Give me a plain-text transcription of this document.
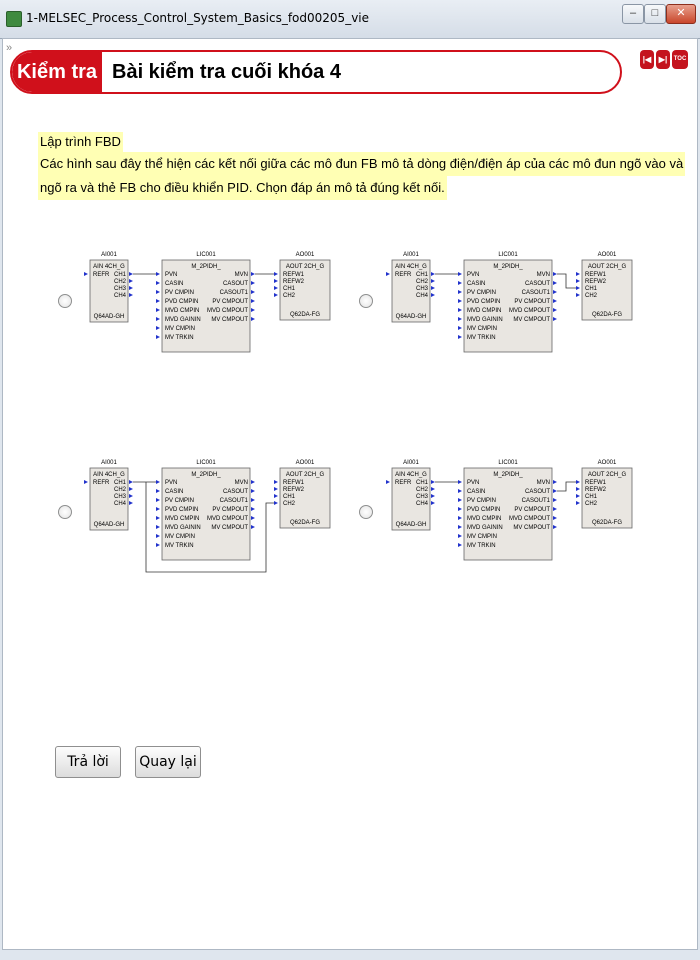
1-MELSEC_Process_Control_System_Basics_fod00205_vie	–	□	✕
»
Kiểm tra Bài kiểm tra cuối khóa 4
|◀ ▶|	TOC
Lập trình FBD
Các hình sau đây thể hiện các kết nối giữa các mô đun FB mô tả dòng điện/điện áp của các mô đun ngõ vào và
ngõ ra và thẻ FB cho điều khiển PID. Chọn đáp án mô tả đúng kết nối.
AI001	LIC001	AO001
AIN 4CH_G
REFR CH1
CH2
CH3
CH4
Q64AD-GH
M_2PIDH_
PVN
CASIN
PV CMPIN
PVD CMPIN
MVD CMPIN
MVD GAININ
MV CMPIN
MV TRKIN
MVN
CASOUT
CASOUT1
PV CMPOUT
MVD CMPOUT
MV CMPOUT
AOUT 2CH_G
REFW1
REFW2
CH1
CH2
Q62DA-FG
AI001	LIC001	AO001
AIN 4CH_G
REFR CH1
CH2
CH3
CH4
Q64AD-GH
M_2PIDH_
PVN
CASIN
PV CMPIN
PVD CMPIN
MVD CMPIN
MVD GAININ
MV CMPIN
MV TRKIN
MVN
CASOUT
CASOUT1
PV CMPOUT
MVD CMPOUT
MV CMPOUT
AOUT 2CH_G
REFW1
REFW2
CH1
CH2
Q62DA-FG
AI001	LIC001	AO001
AIN 4CH_G
REFR CH1
CH2
CH3
CH4
Q64AD-GH
M_2PIDH_
PVN
CASIN
PV CMPIN
PVD CMPIN
MVD CMPIN
MVD GAININ
MV CMPIN
MV TRKIN
MVN
CASOUT
CASOUT1
PV CMPOUT
MVD CMPOUT
MV CMPOUT
AOUT 2CH_G
REFW1
REFW2
CH1
CH2
Q62DA-FG
AI001	LIC001	AO001
AIN 4CH_G
REFR CH1
CH2
CH3
CH4
Q64AD-GH
M_2PIDH_
PVN
CASIN
PV CMPIN
PVD CMPIN
MVD CMPIN
MVD GAININ
MV CMPIN
MV TRKIN
MVN
CASOUT
CASOUT1
PV CMPOUT
MVD CMPOUT
MV CMPOUT
AOUT 2CH_G
REFW1
REFW2
CH1
CH2
Q62DA-FG
Trả lời	Quay lại
